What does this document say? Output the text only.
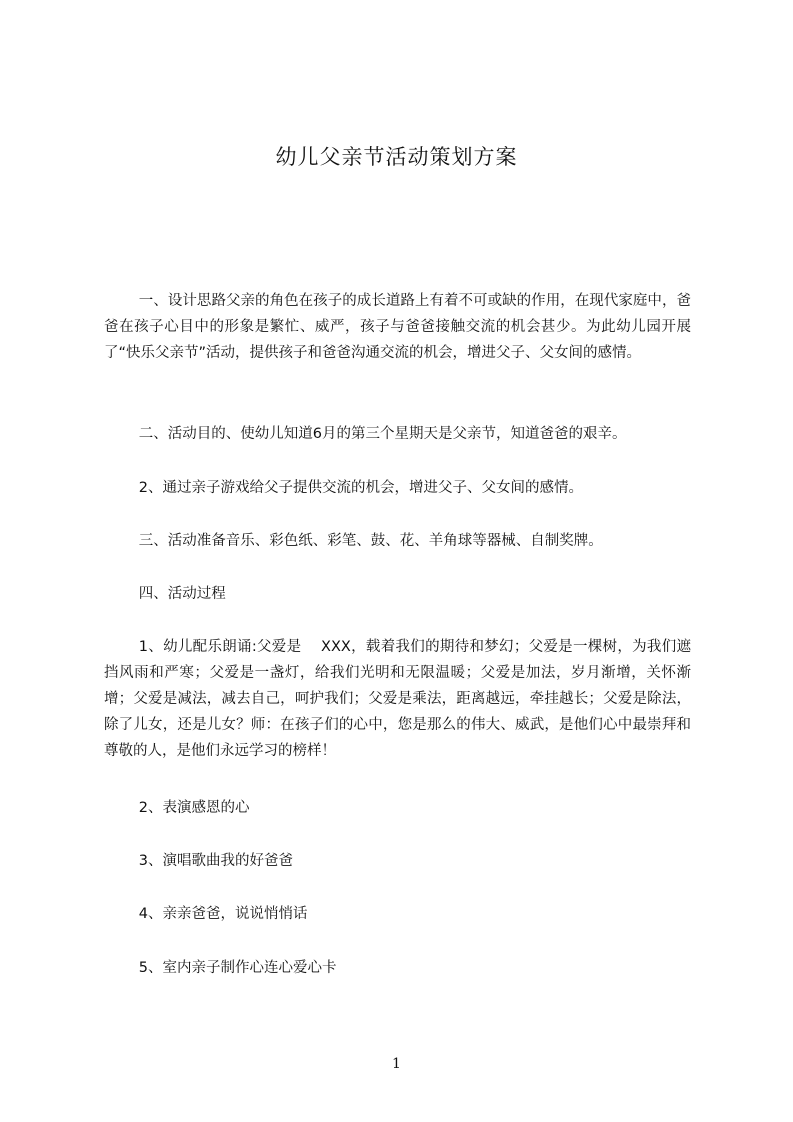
幼儿父亲节活动策划方案

一、设计思路父亲的角色在孩子的成长道路上有着不可或缺的作用，在现代家庭中，爸爸在孩子心目中的形象是繁忙、威严，孩子与爸爸接触交流的机会甚少。为此幼儿园开展了“快乐父亲节”活动，提供孩子和爸爸沟通交流的机会，增进父子、父女间的感情。

二、活动目的、使幼儿知道6月的第三个星期天是父亲节，知道爸爸的艰辛。

2、通过亲子游戏给父子提供交流的机会，增进父子、父女间的感情。

三、活动准备音乐、彩色纸、彩笔、鼓、花、羊角球等器械、自制奖牌。

四、活动过程

1、幼儿配乐朗诵:父爱是　 XXX，载着我们的期待和梦幻；父爱是一棵树，为我们遮挡风雨和严寒；父爱是一盏灯，给我们光明和无限温暖；父爱是加法，岁月渐增，关怀渐增；父爱是减法，减去自己，呵护我们；父爱是乘法，距离越远，牵挂越长；父爱是除法，除了儿女，还是儿女？师：在孩子们的心中，您是那么的伟大、威武，是他们心中最崇拜和尊敬的人，是他们永远学习的榜样！

2、表演感恩的心

3、演唱歌曲我的好爸爸

4、亲亲爸爸，说说悄悄话

5、室内亲子制作心连心爱心卡

1
